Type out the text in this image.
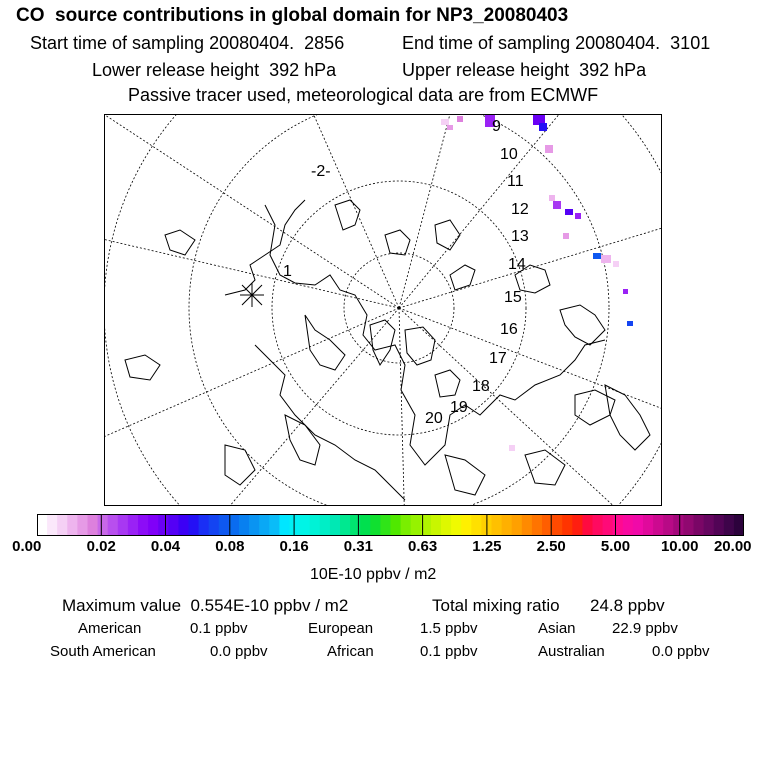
CO  source contributions in global domain for NP3_20080403
Start time of sampling 20080404.  2856	End time of sampling 20080404.  3101
Lower release height  392 hPa	Upper release height  392 hPa
Passive tracer used, meteorological data are from ECMWF
1
-2-
9
10
11
12
13
14
15
16
17
18
19
20
0.00	0.02 0.04 0.08 0.16 0.31 0.63 1.25 2.50 5.00 10.00 20.00
10E-10 ppbv / m2
Maximum value  0.554E-10 ppbv / m2	Total mixing ratio 24.8 ppbv
American	0.1 ppbv	European	1.5 ppbv	Asian 22.9 ppbv
South American	0.0 ppbv	African	0.1 ppbv	Australian	0.0 ppbv
